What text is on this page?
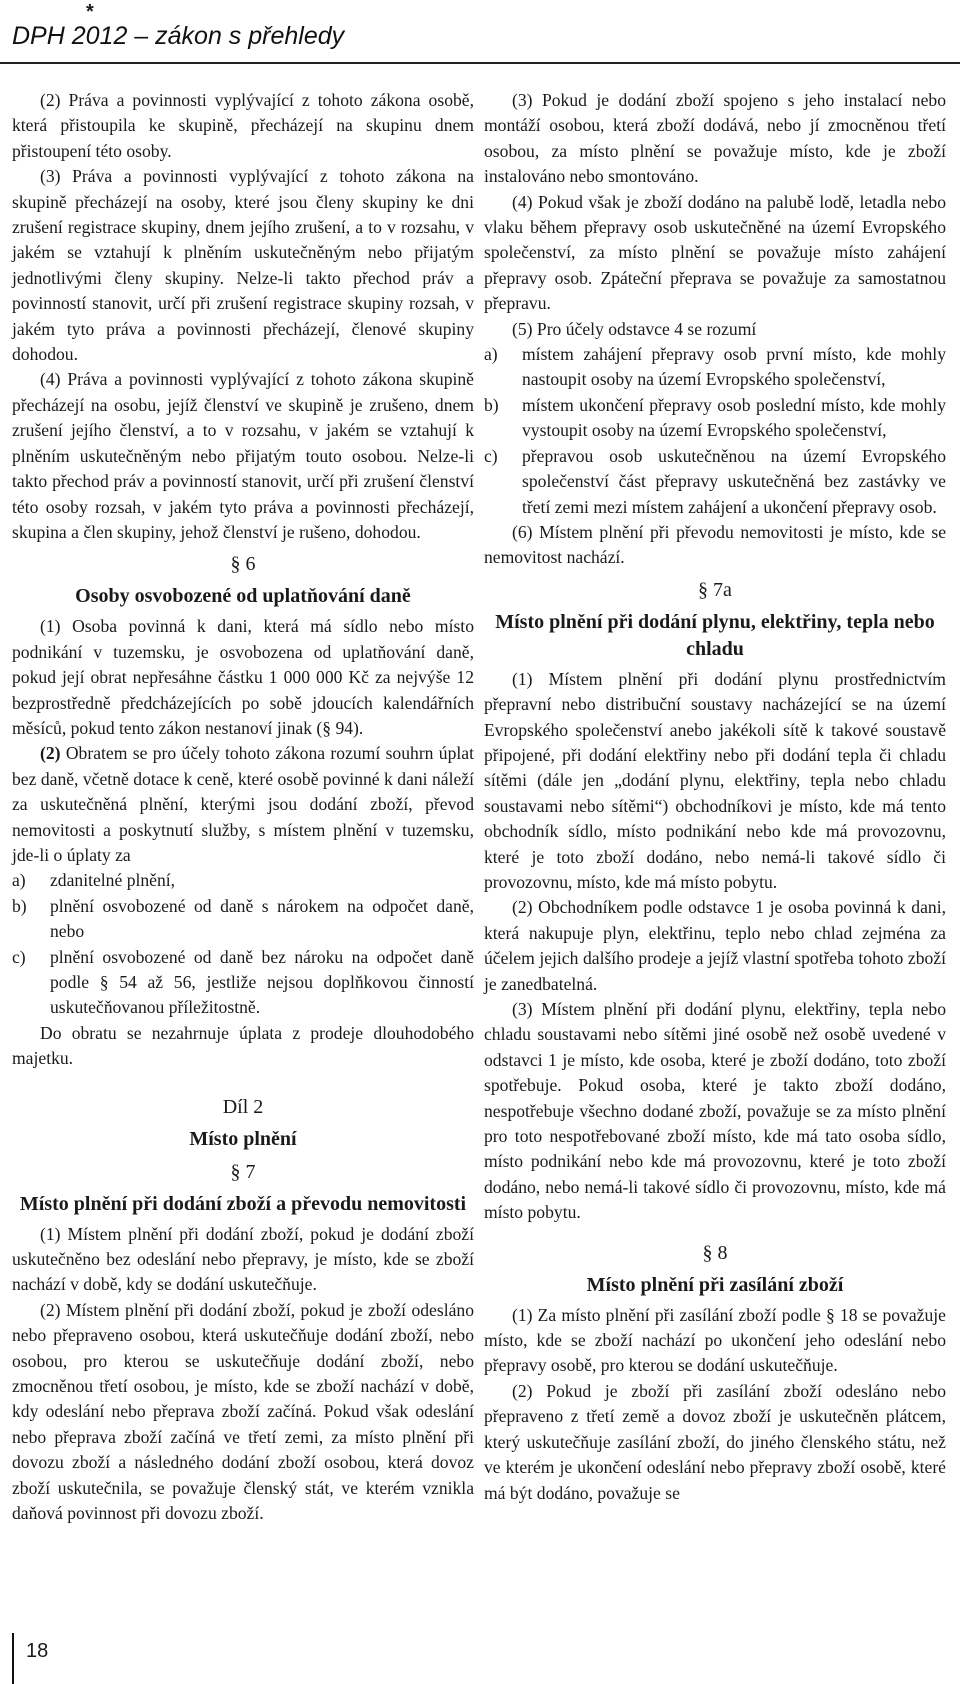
*
DPH 2012 – zákon s přehledy

(2) Práva a povinnosti vyplývající z tohoto zákona osobě, která přistoupila ke skupině, přecházejí na skupinu dnem přistoupení této osoby.

(3) Práva a povinnosti vyplývající z tohoto zákona na skupině přecházejí na osoby, které jsou členy skupiny ke dni zrušení registrace skupiny, dnem jejího zrušení, a to v rozsahu, v jakém se vztahují k plněním uskutečněným nebo přijatým jednotlivými členy skupiny. Nelze-li takto přechod práv a povinností stanovit, určí při zrušení registrace skupiny rozsah, v jakém tyto práva a povinnosti přecházejí, členové skupiny dohodou.

(4) Práva a povinnosti vyplývající z tohoto zákona skupině přecházejí na osobu, jejíž členství ve skupině je zrušeno, dnem zrušení jejího členství, a to v rozsahu, v jakém se vztahují k plněním uskutečněným nebo přijatým touto osobou. Nelze-li takto přechod práv a povinností stanovit, určí při zrušení členství této osoby rozsah, v jakém tyto práva a povinnosti přecházejí, skupina a člen skupiny, jehož členství je rušeno, dohodou.

§ 6
Osoby osvobozené od uplatňování daně

(1) Osoba povinná k dani, která má sídlo nebo místo podnikání v tuzemsku, je osvobozena od uplatňování daně, pokud její obrat nepřesáhne částku 1 000 000 Kč za nejvýše 12 bezprostředně předcházejících po sobě jdoucích kalendářních měsíců, pokud tento zákon nestanoví jinak (§ 94).

(2) Obratem se pro účely tohoto zákona rozumí souhrn úplat bez daně, včetně dotace k ceně, které osobě povinné k dani náleží za uskutečněná plnění, kterými jsou dodání zboží, převod nemovitosti a poskytnutí služby, s místem plnění v tuzemsku, jde-li o úplaty za

a)	zdanitelné plnění,
b)	plnění osvobozené od daně s nárokem na odpočet daně, nebo
c)	plnění osvobozené od daně bez nároku na odpočet daně podle § 54 až 56, jestliže nejsou doplňkovou činností uskutečňovanou příležitostně.

Do obratu se nezahrnuje úplata z prodeje dlouhodobého majetku.

Díl 2
Místo plnění
§ 7
Místo plnění při dodání zboží a převodu nemovitosti

(1) Místem plnění při dodání zboží, pokud je dodání zboží uskutečněno bez odeslání nebo přepravy, je místo, kde se zboží nachází v době, kdy se dodání uskutečňuje.

(2) Místem plnění při dodání zboží, pokud je zboží odesláno nebo přepraveno osobou, která uskutečňuje dodání zboží, nebo osobou, pro kterou se uskutečňuje dodání zboží, nebo zmocněnou třetí osobou, je místo, kde se zboží nachází v době, kdy odeslání nebo přeprava zboží začíná. Pokud však odeslání nebo přeprava zboží začíná ve třetí zemi, za místo plnění při dovozu zboží a následného dodání zboží osobou, která dovoz zboží uskutečnila, se považuje členský stát, ve kterém vznikla daňová povinnost při dovozu zboží.

(3) Pokud je dodání zboží spojeno s jeho instalací nebo montáží osobou, která zboží dodává, nebo jí zmocněnou třetí osobou, za místo plnění se považuje místo, kde je zboží instalováno nebo smontováno.

(4) Pokud však je zboží dodáno na palubě lodě, letadla nebo vlaku během přepravy osob uskutečněné na území Evropského společenství, za místo plnění se považuje místo zahájení přepravy osob. Zpáteční přeprava se považuje za samostatnou přepravu.

(5) Pro účely odstavce 4 se rozumí

a)	místem zahájení přepravy osob první místo, kde mohly nastoupit osoby na území Evropského společenství,
b)	místem ukončení přepravy osob poslední místo, kde mohly vystoupit osoby na území Evropského společenství,
c)	přepravou osob uskutečněnou na území Evropského společenství část přepravy uskutečněná bez zastávky ve třetí zemi mezi místem zahájení a ukončení přepravy osob.

(6) Místem plnění při převodu nemovitosti je místo, kde se nemovitost nachází.

§ 7a
Místo plnění při dodání plynu, elektřiny, tepla nebo chladu

(1) Místem plnění při dodání plynu prostřednictvím přepravní nebo distribuční soustavy nacházející se na území Evropského společenství anebo jakékoli sítě k takové soustavě připojené, při dodání elektřiny nebo při dodání tepla či chladu sítěmi (dále jen „dodání plynu, elektřiny, tepla nebo chladu soustavami nebo sítěmi“) obchodníkovi je místo, kde má tento obchodník sídlo, místo podnikání nebo kde má provozovnu, které je toto zboží dodáno, nebo nemá-li takové sídlo či provozovnu, místo, kde má místo pobytu.

(2) Obchodníkem podle odstavce 1 je osoba povinná k dani, která nakupuje plyn, elektřinu, teplo nebo chlad zejména za účelem jejich dalšího prodeje a jejíž vlastní spotřeba tohoto zboží je zanedbatelná.

(3) Místem plnění při dodání plynu, elektřiny, tepla nebo chladu soustavami nebo sítěmi jiné osobě než osobě uvedené v odstavci 1 je místo, kde osoba, které je zboží dodáno, toto zboží spotřebuje. Pokud osoba, které je takto zboží dodáno, nespotřebuje všechno dodané zboží, považuje se za místo plnění pro toto nespotřebované zboží místo, kde má tato osoba sídlo, místo podnikání nebo kde má provozovnu, které je toto zboží dodáno, nebo nemá-li takové sídlo či provozovnu, místo, kde má místo pobytu.

§ 8
Místo plnění při zasílání zboží

(1) Za místo plnění při zasílání zboží podle § 18 se považuje místo, kde se zboží nachází po ukončení jeho odeslání nebo přepravy osobě, pro kterou se dodání uskutečňuje.

(2) Pokud je zboží při zasílání zboží odesláno nebo přepraveno z třetí země a dovoz zboží je uskutečněn plátcem, který uskutečňuje zasílání zboží, do jiného členského státu, než ve kterém je ukončení odeslání nebo přepravy zboží osobě, které má být dodáno, považuje se

18
